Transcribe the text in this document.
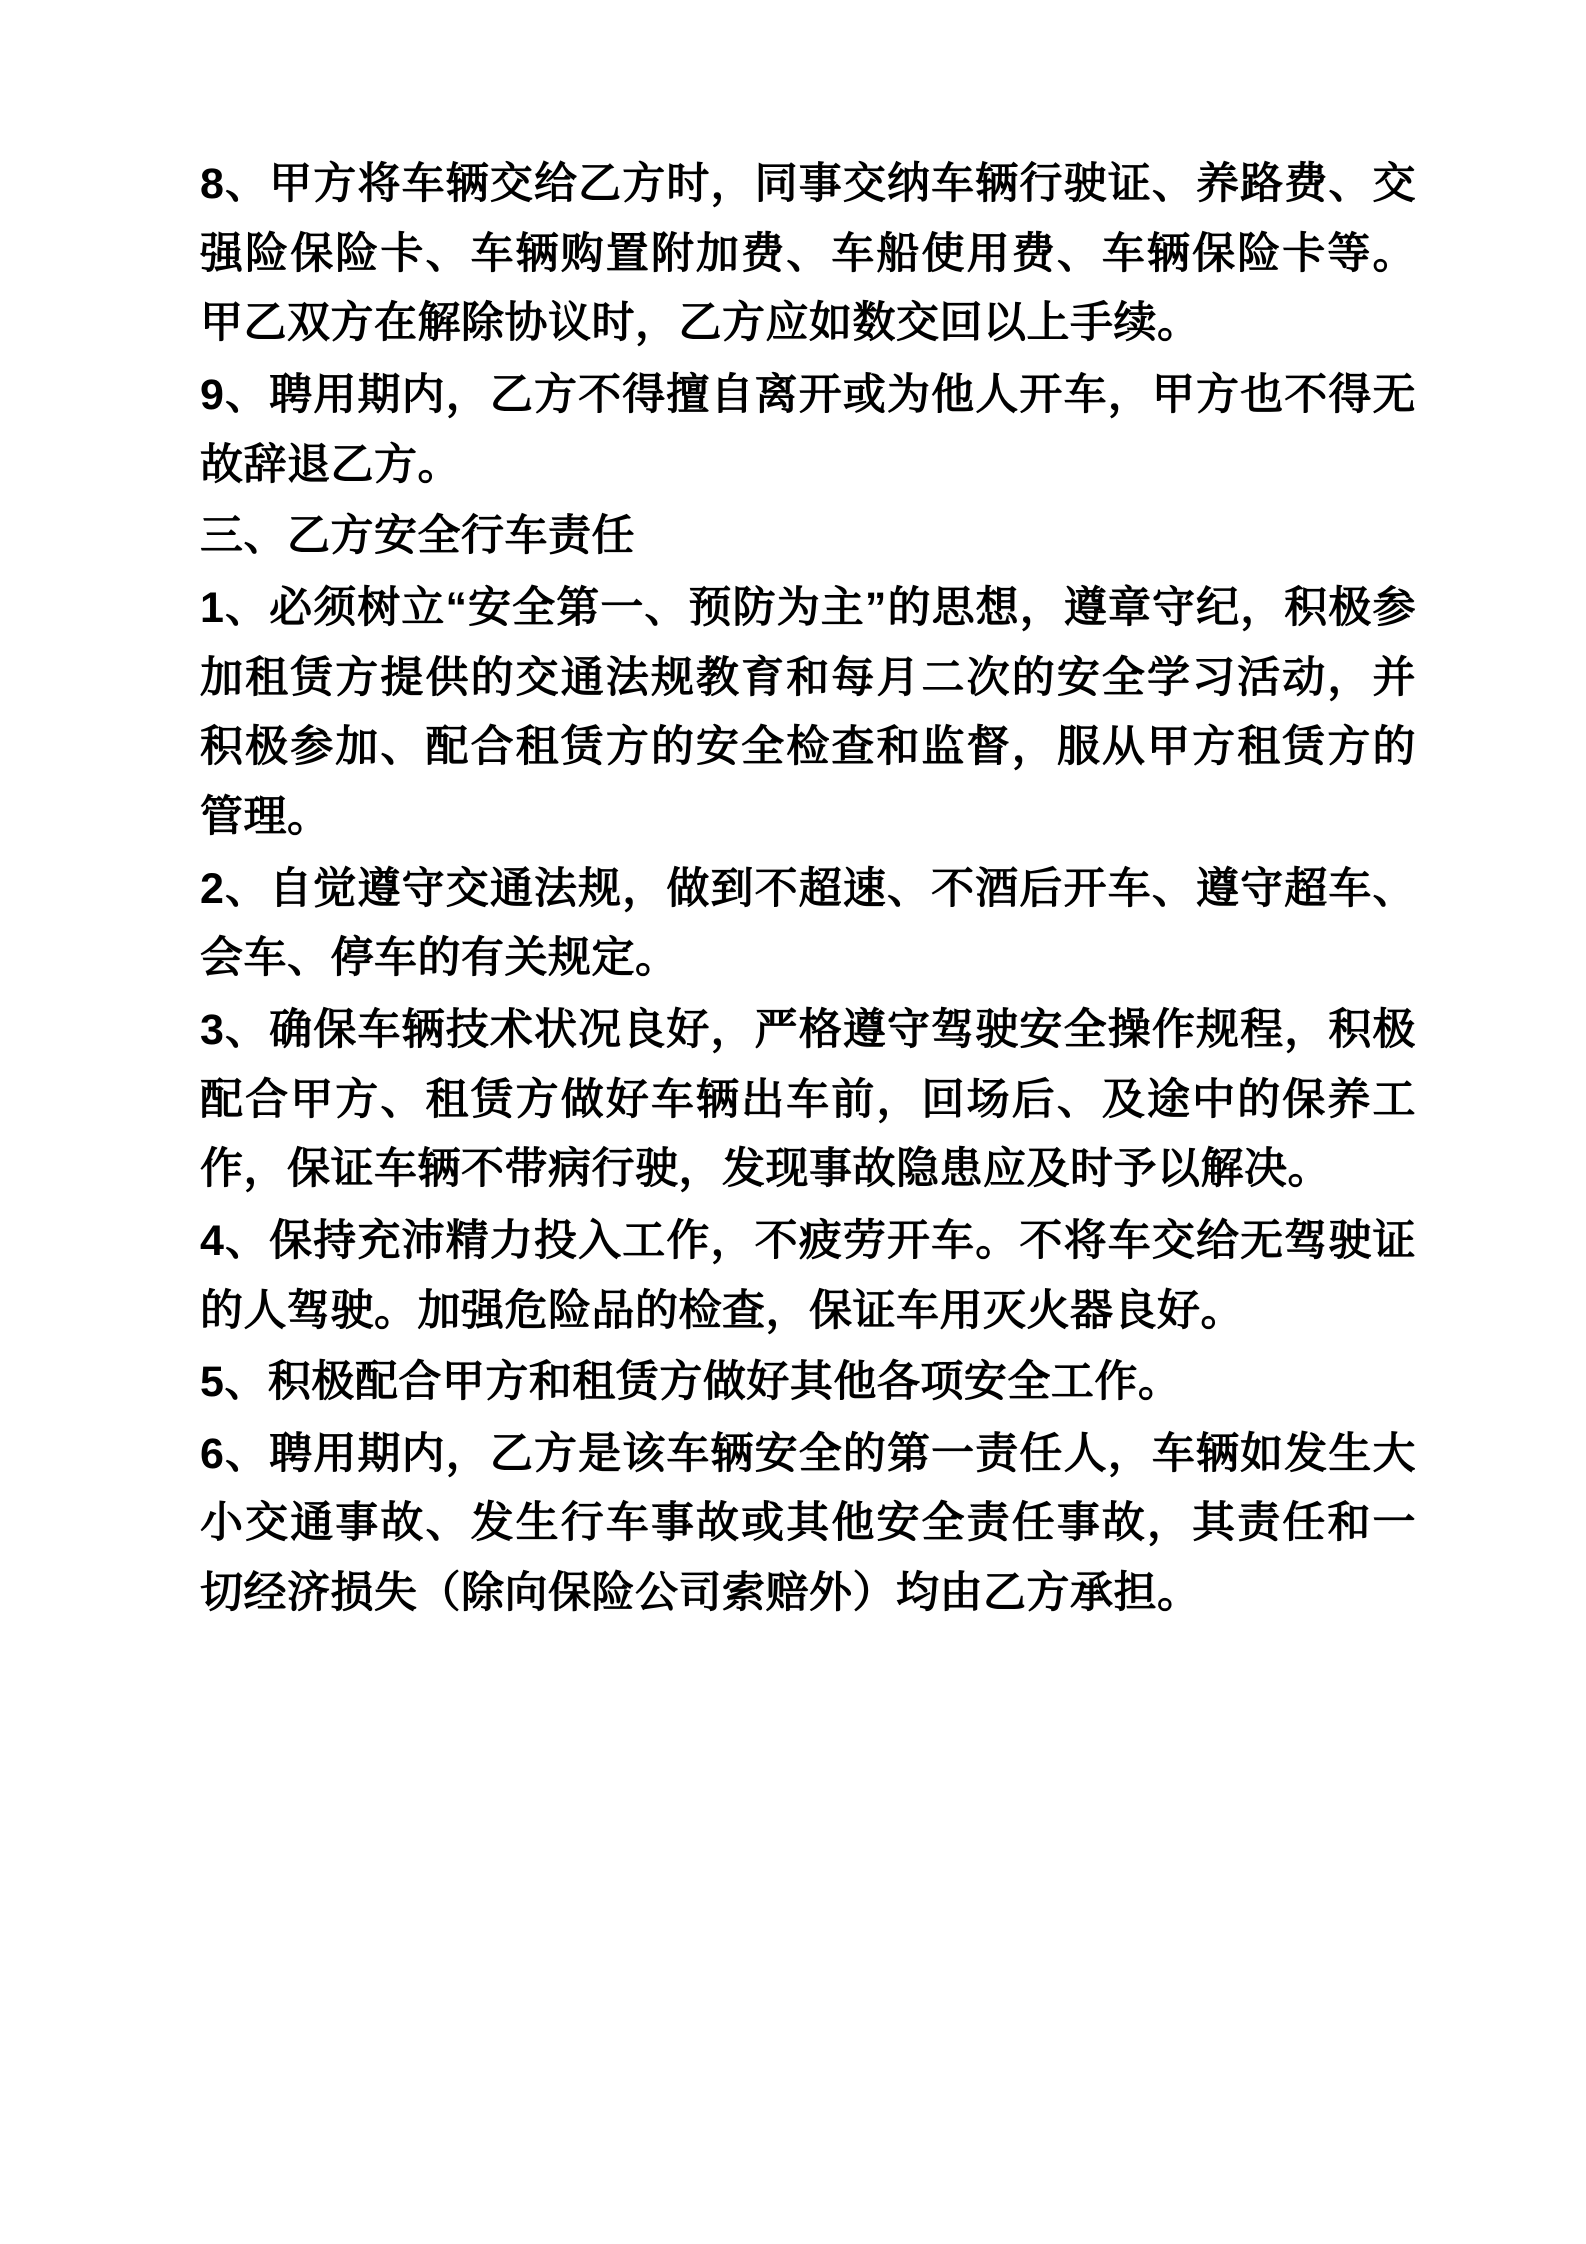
8、甲方将车辆交给乙方时，同事交纳车辆行驶证、养路费、交强险保险卡、车辆购置附加费、车船使用费、车辆保险卡等。甲乙双方在解除协议时，乙方应如数交回以上手续。

9、聘用期内，乙方不得擅自离开或为他人开车，甲方也不得无故辞退乙方。

三、乙方安全行车责任

1、必须树立“安全第一、预防为主”的思想，遵章守纪，积极参加租赁方提供的交通法规教育和每月二次的安全学习活动，并积极参加、配合租赁方的安全检查和监督，服从甲方租赁方的管理。

2、自觉遵守交通法规，做到不超速、不酒后开车、遵守超车、会车、停车的有关规定。

3、确保车辆技术状况良好，严格遵守驾驶安全操作规程，积极配合甲方、租赁方做好车辆出车前，回场后、及途中的保养工作，保证车辆不带病行驶，发现事故隐患应及时予以解决。

4、保持充沛精力投入工作，不疲劳开车。不将车交给无驾驶证的人驾驶。加强危险品的检查，保证车用灭火器良好。

5、积极配合甲方和租赁方做好其他各项安全工作。

6、聘用期内，乙方是该车辆安全的第一责任人，车辆如发生大小交通事故、发生行车事故或其他安全责任事故，其责任和一切经济损失（除向保险公司索赔外）均由乙方承担。
